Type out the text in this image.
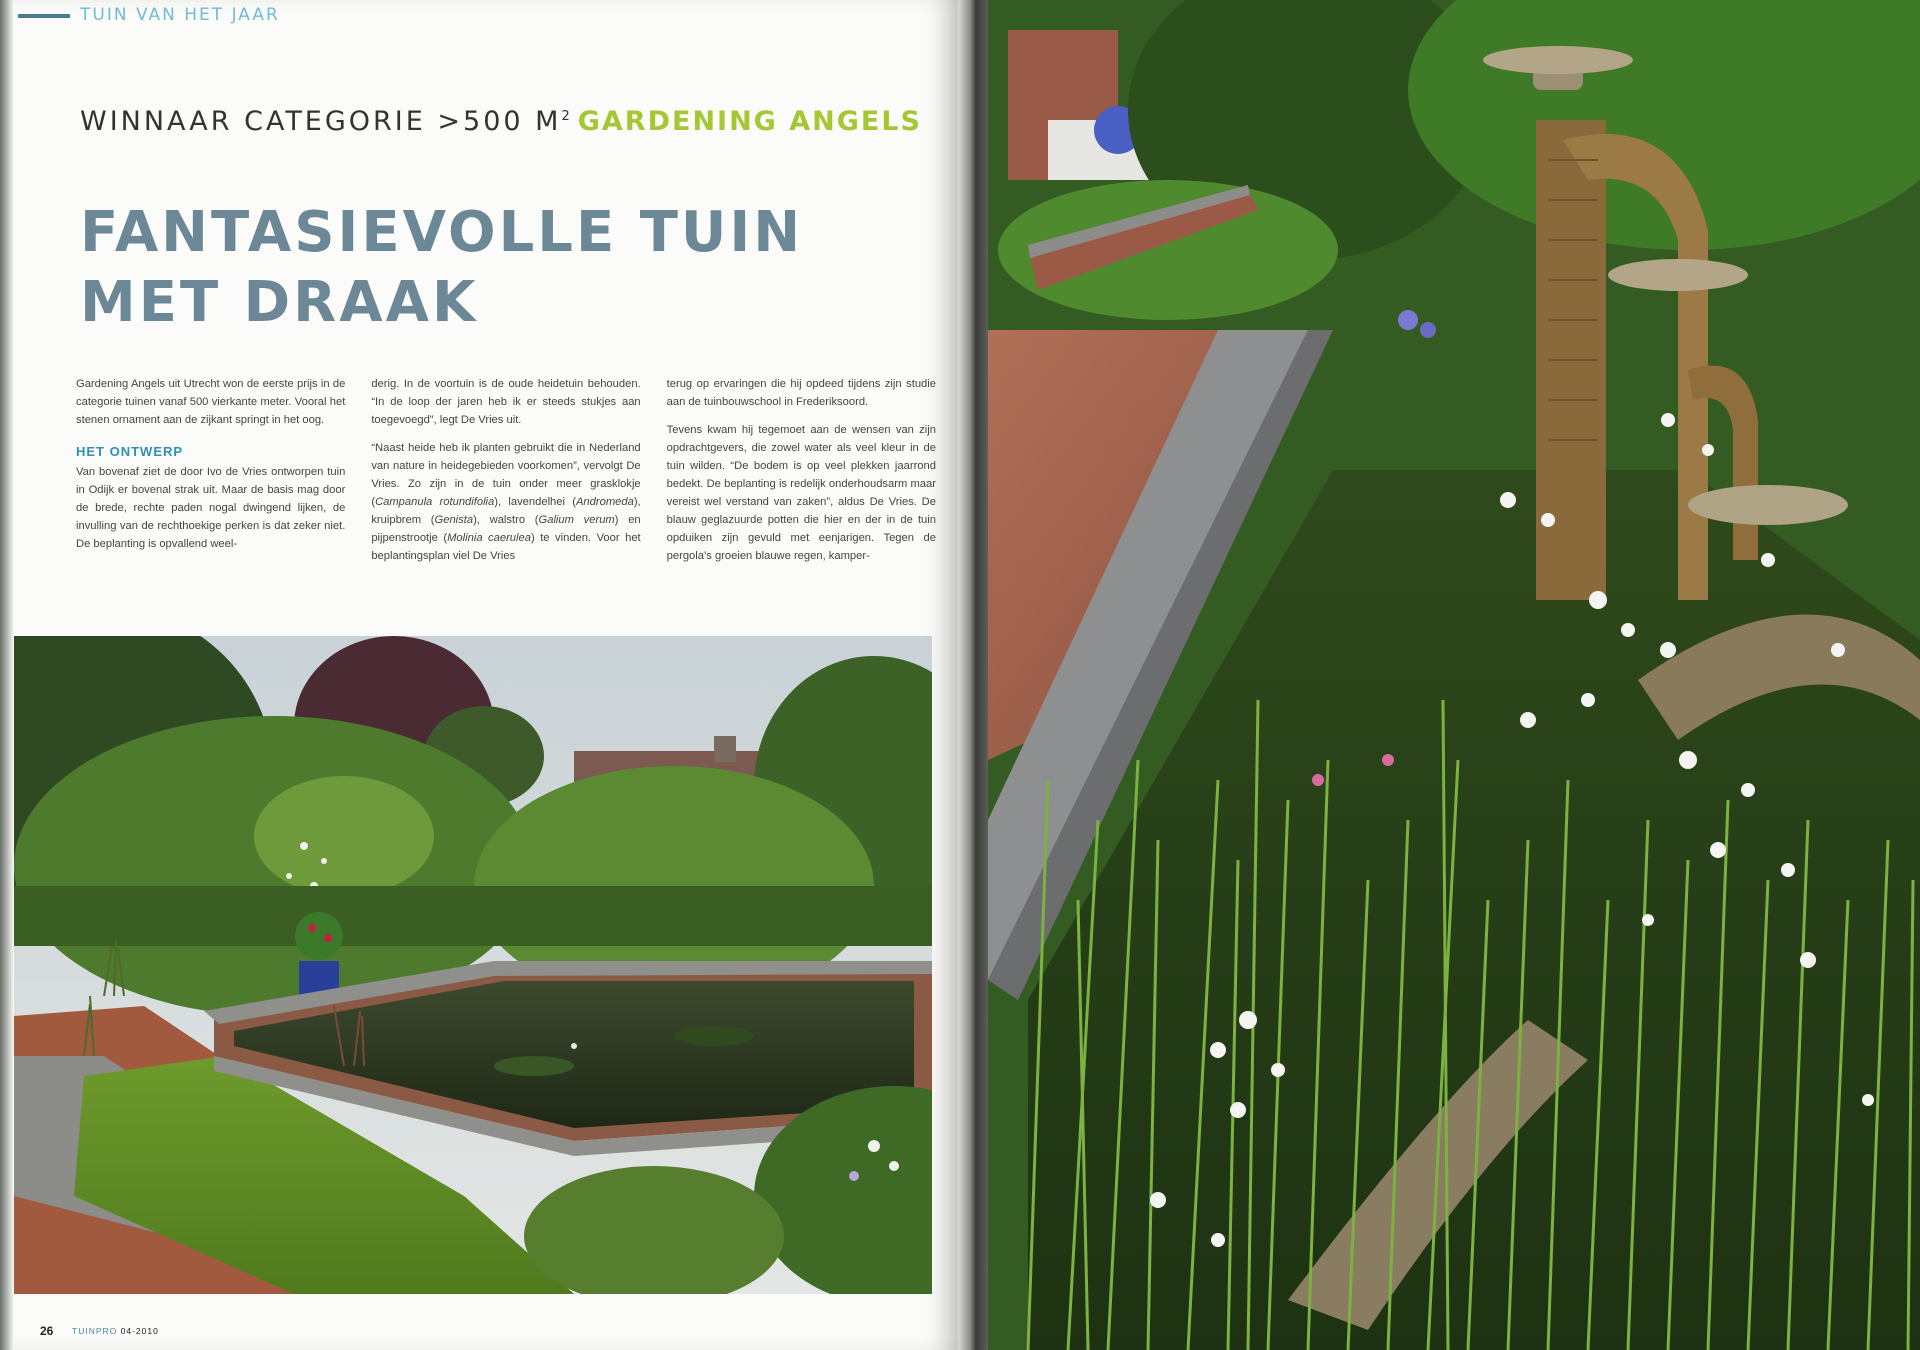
TUIN VAN HET JAAR
WINNAAR CATEGORIE >500 $M^2$ GARDENING ANGELS
FANTASIEVOLLE TUIN
MET DRAAK

Gardening Angels uit Utrecht won de eerste prijs in de categorie tuinen vanaf 500 vierkante meter. Vooral het stenen ornament aan de zijkant springt in het oog.

HET ONTWERP

Van bovenaf ziet de door Ivo de Vries ontworpen tuin in Odijk er bovenal strak uit. Maar de basis mag door de brede, rechte paden nogal dwingend lijken, de invulling van de rechthoekige perken is dat zeker niet. De beplanting is opvallend weel-

derig. In de voortuin is de oude heidetuin behouden. “In de loop der jaren heb ik er steeds stukjes aan toegevoegd”, legt De Vries uit.

“Naast heide heb ik planten gebruikt die in Nederland van nature in heidegebieden voorkomen”, vervolgt De Vries. Zo zijn in de tuin onder meer grasklokje (Campanula rotundifolia), lavendelhei (Andromeda), kruipbrem (Genista), walstro (Galium verum) en pijpenstrootje (Molinia caerulea) te vinden. Voor het beplantingsplan viel De Vries

terug op ervaringen die hij opdeed tijdens zijn studie aan de tuinbouwschool in Frederiksoord.

Tevens kwam hij tegemoet aan de wensen van zijn opdrachtgevers, die zowel water als veel kleur in de tuin wilden. “De bodem is op veel plekken jaarrond bedekt. De beplanting is redelijk onderhoudsarm maar vereist wel verstand van zaken”, aldus De Vries. De blauw geglazuurde potten die hier en der in de tuin opduiken zijn gevuld met eenjarigen. Tegen de pergola’s groeien blauwe regen, kamper-

26 TUINPRO 04-2010
